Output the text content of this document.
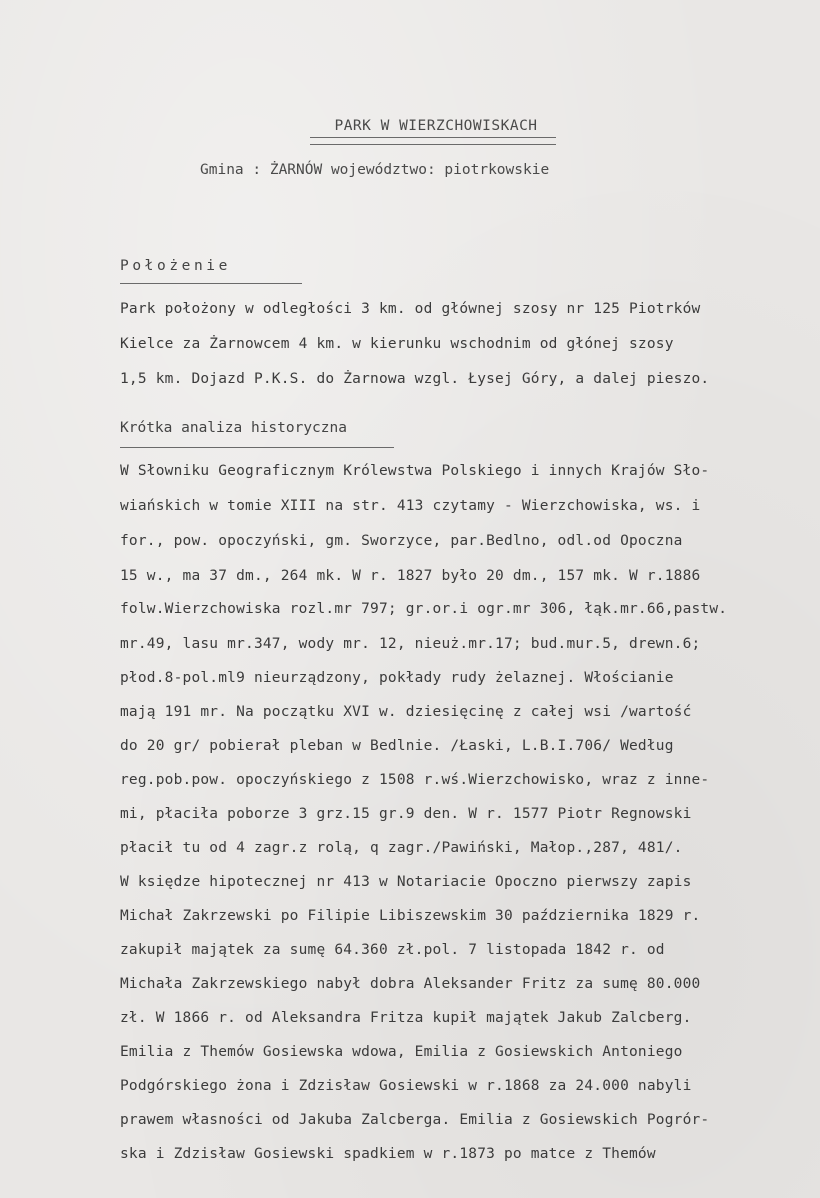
PARK W WIERZCHOWISKACH
Gmina : ŻARNÓW województwo: piotrkowskie
Położenie
Park położony w odległości 3 km. od głównej szosy nr 125 Piotrków
Kielce za Żarnowcem 4 km. w kierunku wschodnim od głónej szosy
1,5 km. Dojazd P.K.S. do Żarnowa wzgl. Łysej Góry, a dalej pieszo.
Krótka analiza historyczna
W Słowniku Geograficznym Królewstwa Polskiego i innych Krajów Sło-
wiańskich w tomie XIII na str. 413 czytamy - Wierzchowiska, ws. i
for., pow. opoczyński, gm. Sworzyce, par.Bedlno, odl.od Opoczna
15 w., ma 37 dm., 264 mk. W r. 1827 było 20 dm., 157 mk. W r.1886
folw.Wierzchowiska rozl.mr 797; gr.or.i ogr.mr 306, łąk.mr.66,pastw.
mr.49, lasu mr.347, wody mr. 12, nieuż.mr.17; bud.mur.5, drewn.6;
płod.8-pol.ml9 nieurządzony, pokłady rudy żelaznej. Włościanie
mają 191 mr. Na początku XVI w. dziesięcinę z całej wsi /wartość
do 20 gr/ pobierał pleban w Bedlnie. /Łaski, L.B.I.706/ Według
reg.pob.pow. opoczyńskiego z 1508 r.wś.Wierzchowisko, wraz z inne-
mi, płaciła poborze 3 grz.15 gr.9 den. W r. 1577 Piotr Regnowski
płacił tu od 4 zagr.z rolą, q zagr./Pawiński, Małop.,287, 481/.
W księdze hipotecznej nr 413 w Notariacie Opoczno pierwszy zapis
Michał Zakrzewski po Filipie Libiszewskim 30 października 1829 r.
zakupił majątek za sumę 64.360 zł.pol. 7 listopada 1842 r. od
Michała Zakrzewskiego nabył dobra Aleksander Fritz za sumę 80.000
zł. W 1866 r. od Aleksandra Fritza kupił majątek Jakub Zalcberg.
Emilia z Themów Gosiewska wdowa, Emilia z Gosiewskich Antoniego
Podgórskiego żona i Zdzisław Gosiewski w r.1868 za 24.000 nabyli
prawem własności od Jakuba Zalcberga. Emilia z Gosiewskich Pogrór-
ska i Zdzisław Gosiewski spadkiem w r.1873 po matce z Themów
